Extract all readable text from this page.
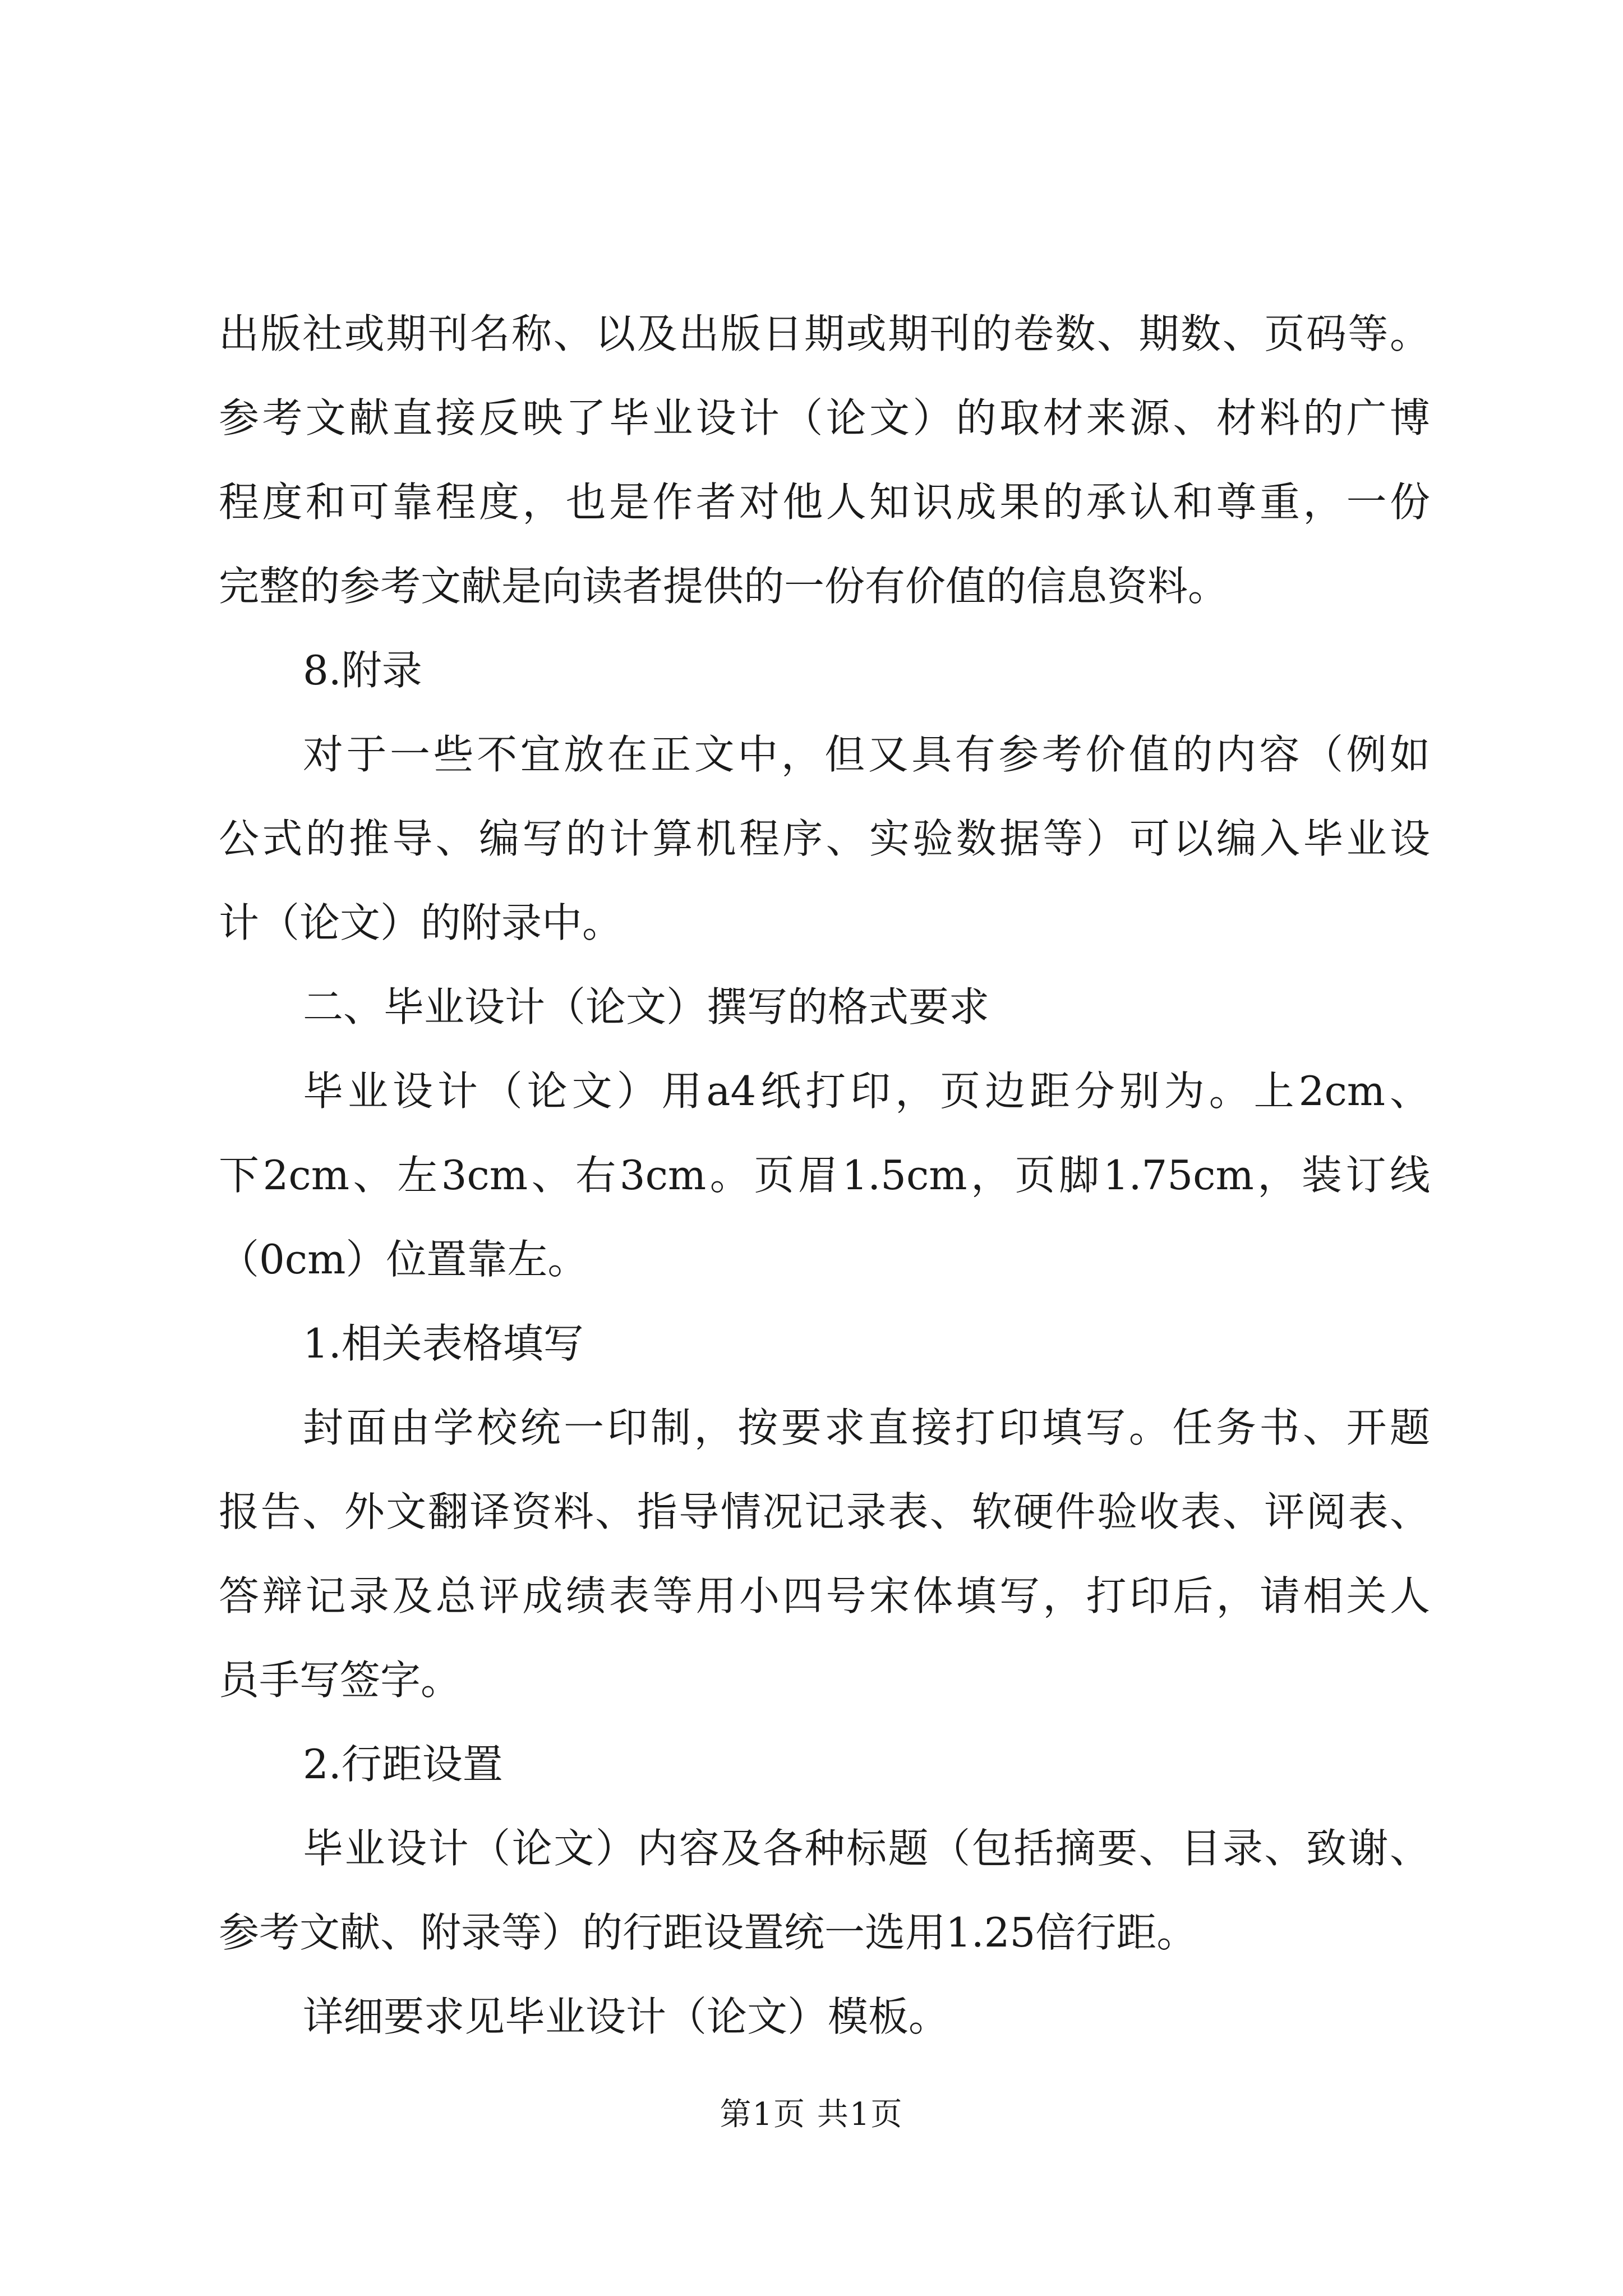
出版社或期刊名称、以及出版日期或期刊的卷数、期数、页码等。
参考文献直接反映了毕业设计（论文）的取材来源、材料的广博
程度和可靠程度，也是作者对他人知识成果的承认和尊重，一份
完整的参考文献是向读者提供的一份有价值的信息资料。
8.附录
对于一些不宜放在正文中，但又具有参考价值的内容（例如
公式的推导、编写的计算机程序、实验数据等）可以编入毕业设
计（论文）的附录中。
二、毕业设计（论文）撰写的格式要求
毕业设计（论文）用a4纸打印，页边距分别为。上2cm、
下2cm、左3cm、右3cm。页眉1.5cm，页脚1.75cm，装订线
（0cm）位置靠左。
1.相关表格填写
封面由学校统一印制，按要求直接打印填写。任务书、开题
报告、外文翻译资料、指导情况记录表、软硬件验收表、评阅表、
答辩记录及总评成绩表等用小四号宋体填写，打印后，请相关人
员手写签字。
2.行距设置
毕业设计（论文）内容及各种标题（包括摘要、目录、致谢、
参考文献、附录等）的行距设置统一选用1.25倍行距。
详细要求见毕业设计（论文）模板。
第1页 共1页
